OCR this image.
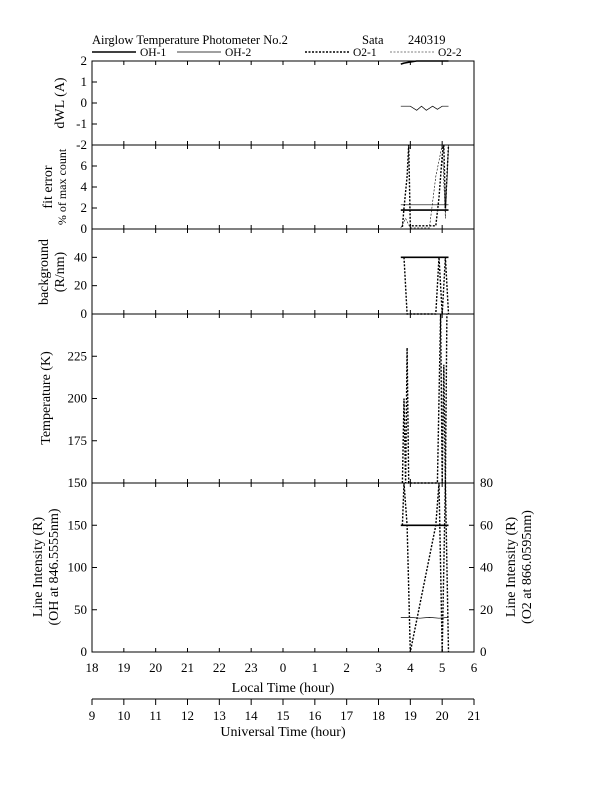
Airglow Temperature Photometer No.2	Sata 240319
OH-1	OH-2	O2-1	O2-2
dWL (A)
fit error % of max count
background (R/nm)
Temperature (K)
Line Intensity (R) (OH at 846.5555nm)	Line Intensity (R) (O2 at 866.0595nm)
Local Time (hour)
Universal Time (hour)
-2
-1
0
1
2
0
2
4
6
0
20
40
150
175
200
225
0
50
100
150
0
20
40
60
80
18 19 20 21 22 23 0 1 2 3 4 5 6
9 10 11 12 13 14 15 16 17 18 19 20 21
